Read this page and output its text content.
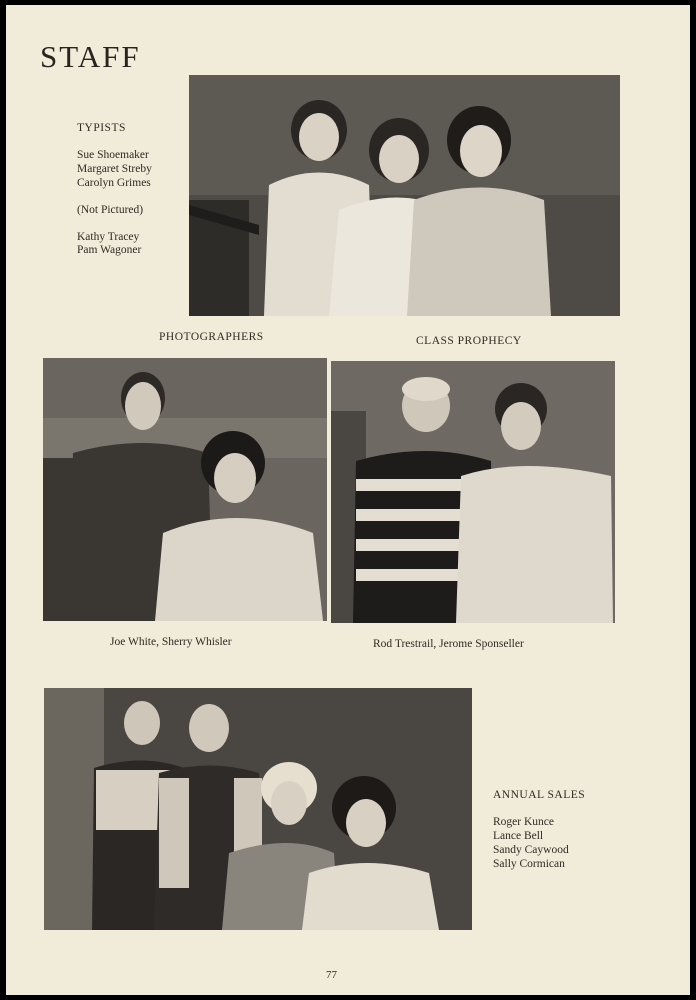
STAFF
TYPISTS
Sue Shoemaker
Margaret Streby
Carolyn Grimes
(Not Pictured)
Kathy Tracey
Pam Wagoner
PHOTOGRAPHERS	CLASS PROPHECY
Joe White, Sherry Whisler	Rod Trestrail, Jerome Sponseller
ANNUAL SALES
Roger Kunce
Lance Bell
Sandy Caywood
Sally Cormican
77
